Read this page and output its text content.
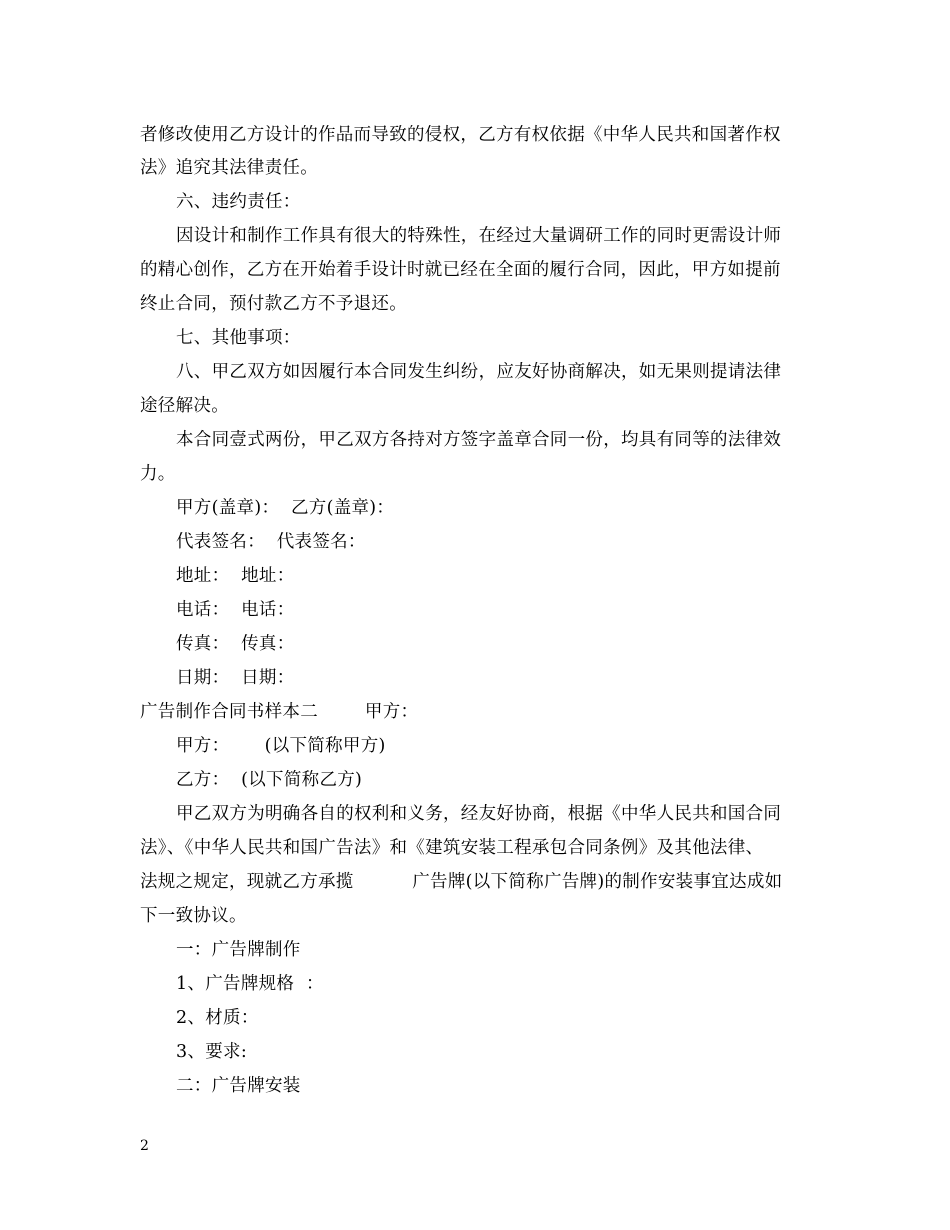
者修改使用乙方设计的作品而导致的侵权，乙方有权依据《中华人民共和国著作权
法》追究其法律责任。
六、违约责任：
因设计和制作工作具有很大的特殊性，在经过大量调研工作的同时更需设计师
的精心创作，乙方在开始着手设计时就已经在全面的履行合同，因此，甲方如提前
终止合同，预付款乙方不予退还。
七、其他事项：
八、甲乙双方如因履行本合同发生纠纷，应友好协商解决，如无果则提请法律
途径解决。
本合同壹式两份，甲乙双方各持对方签字盖章合同一份，均具有同等的法律效
力。
甲方(盖章)：  乙方(盖章)：
代表签名：  代表签名：
地址：  地址：
电话：  电话：
传真：  传真：
日期：  日期：
广告制作合同书样本二        甲方：
甲方：      (以下简称甲方)
乙方：  (以下简称乙方)
甲乙双方为明确各自的权利和义务，经友好协商，根据《中华人民共和国合同
法》、《中华人民共和国广告法》和《建筑安装工程承包合同条例》及其他法律、
法规之规定，现就乙方承揽          广告牌(以下简称广告牌)的制作安装事宜达成如
下一致协议。
一：广告牌制作
1、广告牌规格  ：
2、材质：
3、要求:
二：广告牌安装
2
